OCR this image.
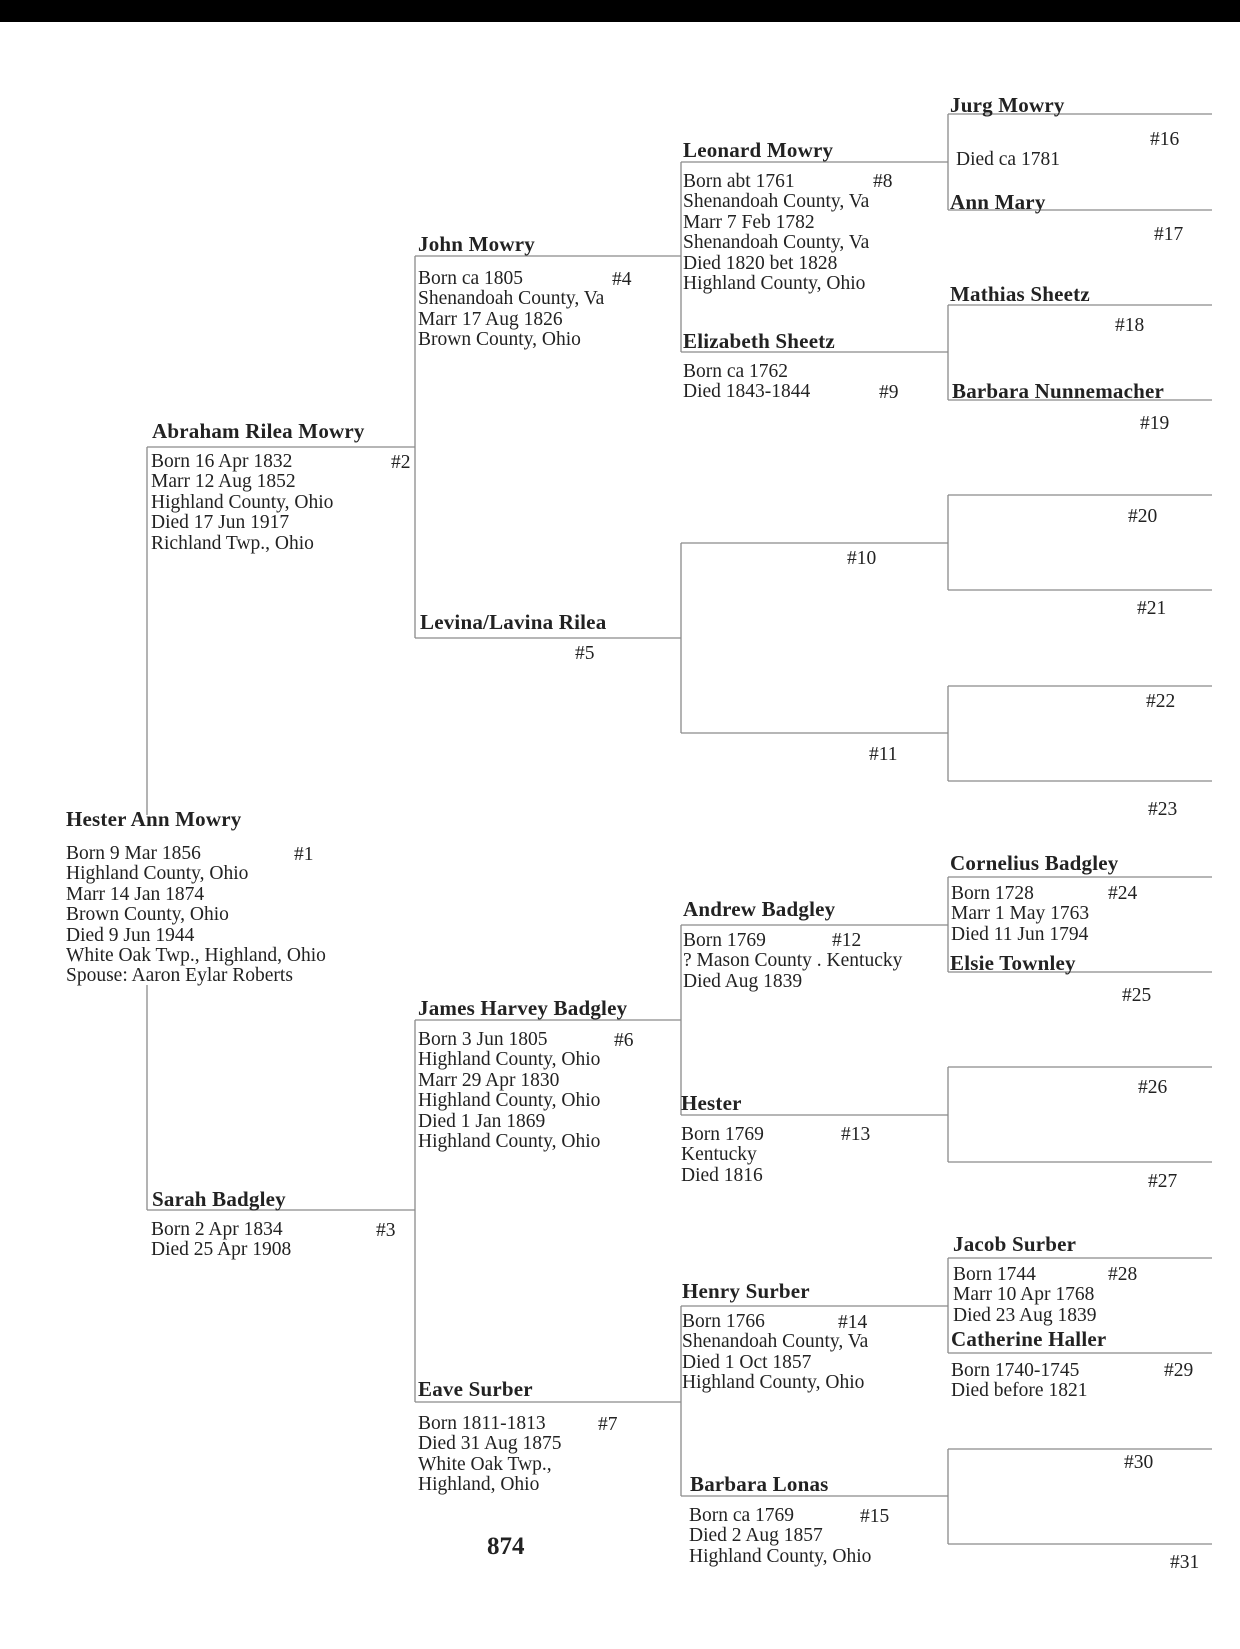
Hester Ann Mowry
Born 9 Mar 1856
Highland County, Ohio
Marr 14 Jan 1874
Brown County, Ohio
Died 9 Jun 1944
White Oak Twp., Highland, Ohio
Spouse: Aaron Eylar Roberts
#1
Abraham Rilea Mowry
Born 16 Apr 1832
Marr 12 Aug 1852
Highland County, Ohio
Died 17 Jun 1917
Richland Twp., Ohio
#2
Sarah Badgley
Born 2 Apr 1834
Died 25 Apr 1908
#3
John Mowry
Born ca 1805
Shenandoah County, Va
Marr 17 Aug 1826
Brown County, Ohio
#4
Levina/Lavina Rilea
#5
James Harvey Badgley
Born 3 Jun 1805
Highland County, Ohio
Marr 29 Apr 1830
Highland County, Ohio
Died 1 Jan 1869
Highland County, Ohio
#6
Eave Surber
Born 1811-1813
Died 31 Aug 1875
White Oak Twp.,
Highland, Ohio
#7
Leonard Mowry
Born abt 1761
Shenandoah County, Va
Marr 7 Feb 1782
Shenandoah County, Va
Died 1820 bet 1828
Highland County, Ohio
#8
Elizabeth Sheetz
Born ca 1762
Died 1843-1844	#9
#10
#11
Andrew Badgley
Born 1769
? Mason County . Kentucky
Died Aug 1839
#12
Hester
Born 1769
Kentucky
Died 1816
#13
Henry Surber
Born 1766
Shenandoah County, Va
Died 1 Oct 1857
Highland County, Ohio
#14
Barbara Lonas
Born ca 1769
Died 2 Aug 1857
Highland County, Ohio
#15
Jurg Mowry
#16
Died ca 1781
Ann Mary
#17
Mathias Sheetz
#18
Barbara Nunnemacher
#19
#20
#21
#22
#23
Cornelius Badgley
Born 1728
Marr 1 May 1763
Died 11 Jun 1794
#24
Elsie Townley
#25
#26
#27
Jacob Surber
Born 1744
Marr 10 Apr 1768
Died 23 Aug 1839
#28
Catherine Haller
Born 1740-1745
Died before 1821
#29
#30
#31
874
